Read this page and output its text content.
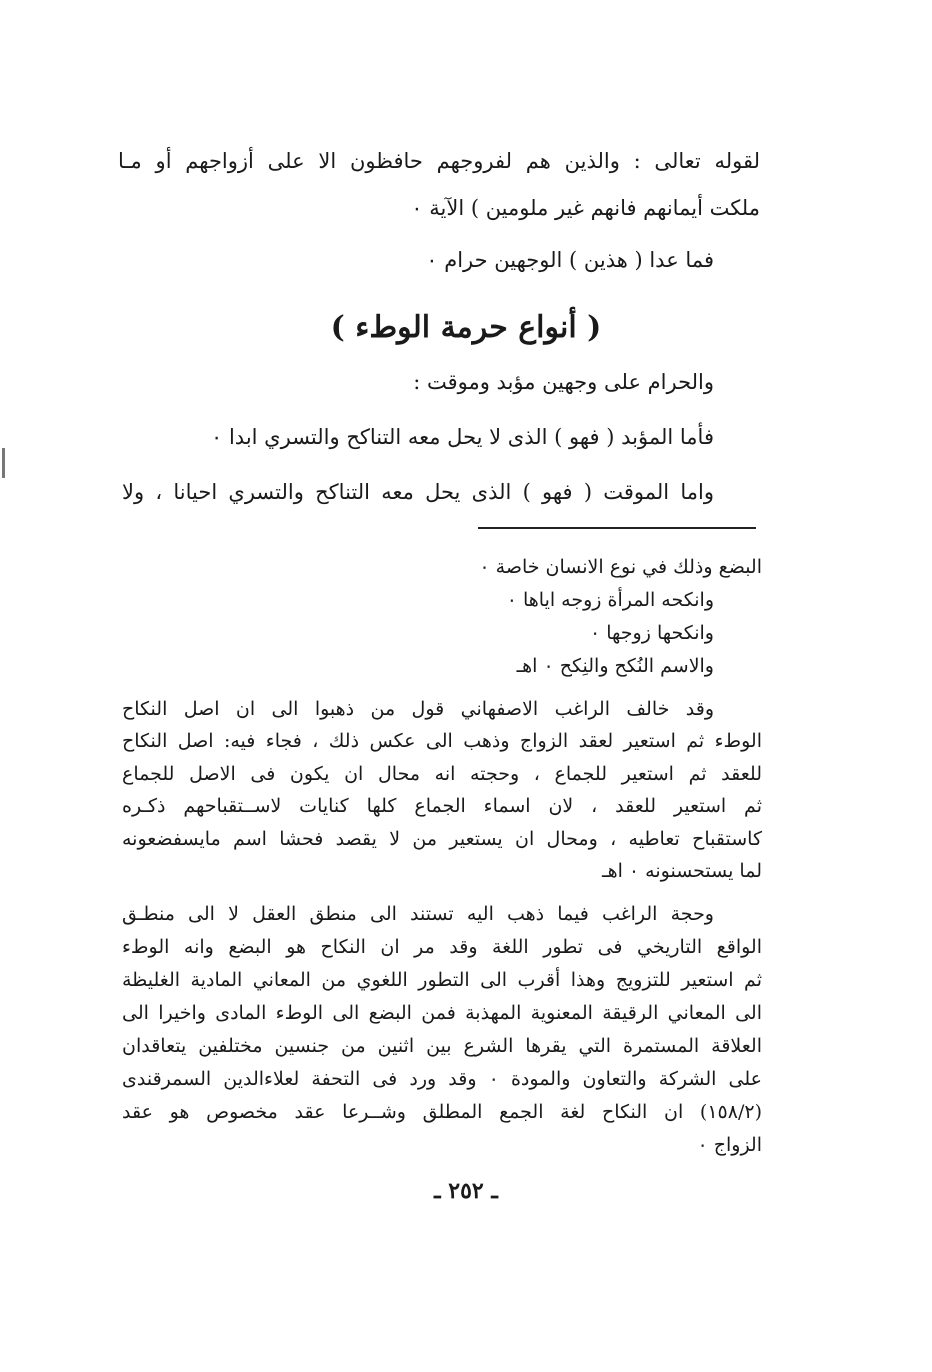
لقوله تعالى : والذين هم لفروجهم حافظون الا على أزواجهم أو مـا

ملكت أيمانهم فانهم غير ملومين ) الآية ٠

فما عدا ( هذين ) الوجهين حرام ٠

( أنواع حرمة الوطء )

والحرام على وجهين مؤبد وموقت :

فأما المؤبد ( فهو ) الذى لا يحل معه التناكح والتسري ابدا ٠

واما الموقت ( فهو ) الذى يحل معه التناكح والتسري احيانا ، ولا

البضع وذلك في نوع الانسان خاصة ٠

وانكحه المرأة زوجه اياها ٠

وانكحها زوجها ٠

والاسم النُكح والنِكح ٠ اهـ

وقد خالف الراغب الاصفهاني قول من ذهبوا الى ان اصل النكاح

الوطء ثم استعير لعقد الزواج وذهب الى عكس ذلك ، فجاء فيه: اصل النكاح

للعقد ثم استعير للجماع ، وحجته انه محال ان يكون فى الاصل للجماع

ثم استعير للعقد ، لان اسماء الجماع كلها كنايات لاســتقباحهم ذكـره

كاستقباح تعاطيه ، ومحال ان يستعير من لا يقصد فحشا اسم مايسفضعونه

لما يستحسنونه ٠ اهـ

وحجة الراغب فيما ذهب اليه تستند الى منطق العقل لا الى منطـق

الواقع التاريخي فى تطور اللغة وقد مر ان النكاح هو البضع وانه الوطء

ثم استعير للتزويج وهذا أقرب الى التطور اللغوي من المعاني المادية الغليظة

الى المعاني الرقيقة المعنوية المهذبة فمن البضع الى الوطء المادى واخيرا الى

العلاقة المستمرة التي يقرها الشرع بين اثنين من جنسين مختلفين يتعاقدان

على الشركة والتعاون والمودة ٠ وقد ورد فى التحفة لعلاءالدين السمرقندى

(١٥٨/٢) ان النكاح لغة الجمع المطلق وشــرعا عقد مخصوص هو عقد

الزواج ٠

ـ ٢٥٢ ـ
